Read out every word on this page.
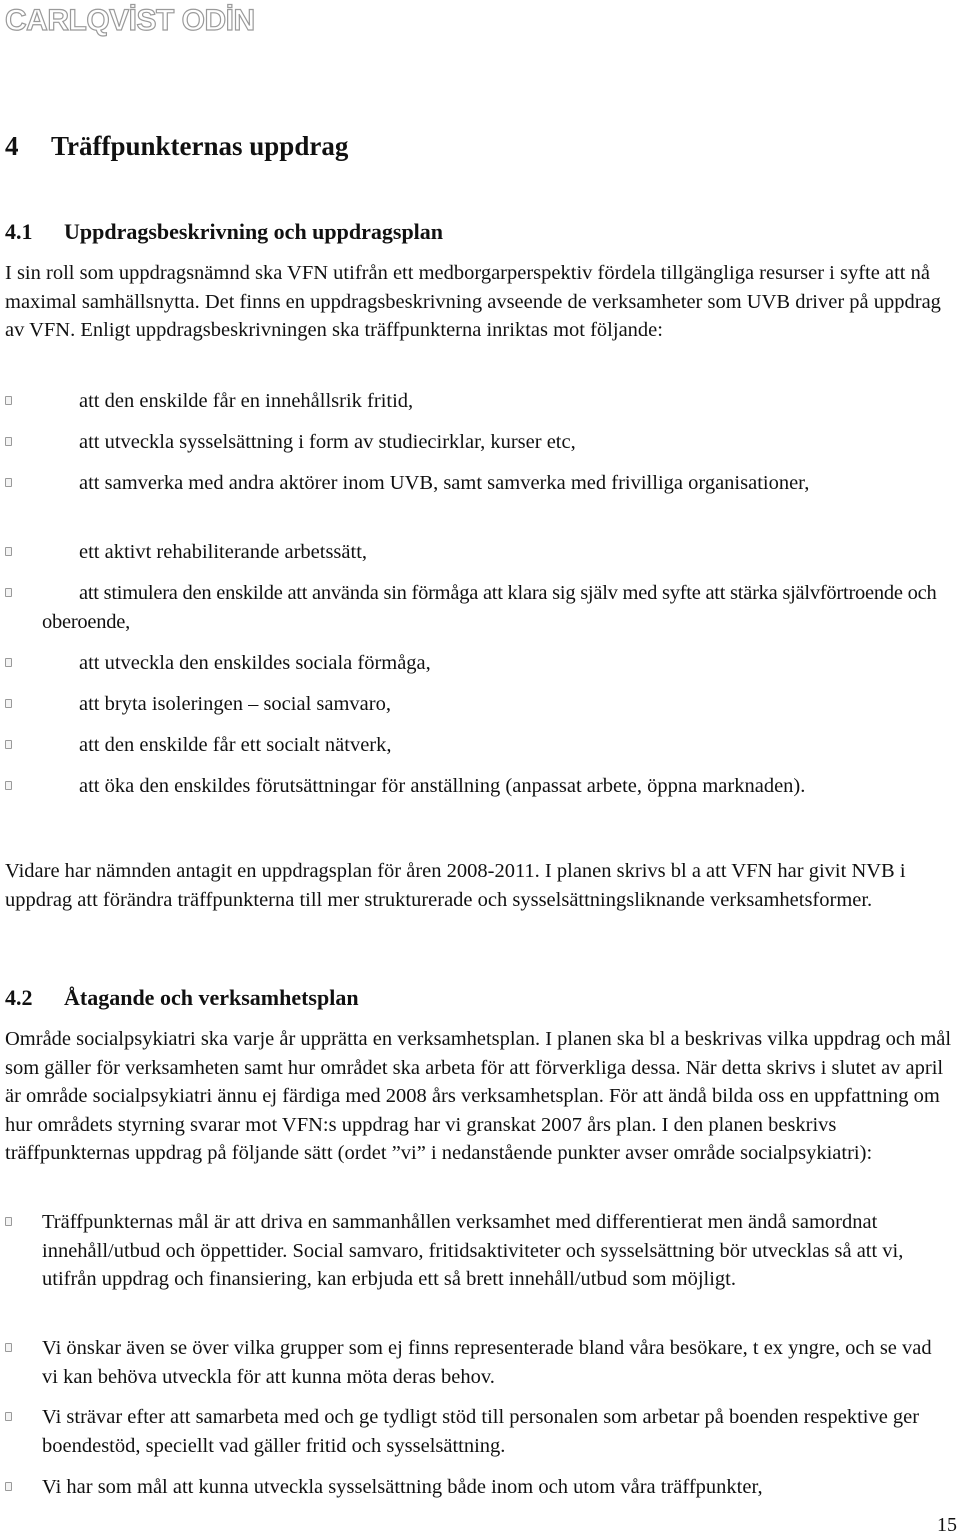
CARLQVİST ODİN
4 Träffpunkternas uppdrag
4.1 Uppdragsbeskrivning och uppdragsplan

I sin roll som uppdragsnämnd ska VFN utifrån ett medborgarperspektiv fördela tillgängliga resurser i syfte att nå maximal samhällsnytta. Det finns en uppdragsbeskrivning avseende de verksamheter som UVB driver på uppdrag av VFN. Enligt uppdragsbeskrivningen ska träffpunkterna inriktas mot följande:

att den enskilde får en innehållsrik fritid,
att utveckla sysselsättning i form av studiecirklar, kurser etc,
att samverka med andra aktörer inom UVB, samt samverka med frivilliga organisationer,
ett aktivt rehabiliterande arbetssätt,
att stimulera den enskilde att använda sin förmåga att klara sig själv med syfte att stärka självförtroende och oberoende,
att utveckla den enskildes sociala förmåga,
att bryta isoleringen – social samvaro,
att den enskilde får ett socialt nätverk,
att öka den enskildes förutsättningar för anställning (anpassat arbete, öppna marknaden).

Vidare har nämnden antagit en uppdragsplan för åren 2008-2011. I planen skrivs bl a att VFN har givit NVB i uppdrag att förändra träffpunkterna till mer strukturerade och sysselsättningsliknande verksamhetsformer.

4.2 Åtagande och verksamhetsplan

Område socialpsykiatri ska varje år upprätta en verksamhetsplan. I planen ska bl a beskrivas vilka uppdrag och mål som gäller för verksamheten samt hur området ska arbeta för att förverkliga dessa. När detta skrivs i slutet av april är område socialpsykiatri ännu ej färdiga med 2008 års verksamhetsplan. För att ändå bilda oss en uppfattning om hur områdets styrning svarar mot VFN:s uppdrag har vi granskat 2007 års plan. I den planen beskrivs träffpunkternas uppdrag på följande sätt (ordet ”vi” i nedanstående punkter avser område socialpsykiatri):

Träffpunkternas mål är att driva en sammanhållen verksamhet med differentierat men ändå samordnat innehåll/utbud och öppettider. Social samvaro, fritidsaktiviteter och sysselsättning bör utvecklas så att vi, utifrån uppdrag och finansiering, kan erbjuda ett så brett innehåll/utbud som möjligt.
Vi önskar även se över vilka grupper som ej finns representerade bland våra besökare, t ex yngre, och se vad vi kan behöva utveckla för att kunna möta deras behov.
Vi strävar efter att samarbeta med och ge tydligt stöd till personalen som arbetar på boenden respektive ger boendestöd, speciellt vad gäller fritid och sysselsättning.
Vi har som mål att kunna utveckla sysselsättning både inom och utom våra träffpunkter,
15
